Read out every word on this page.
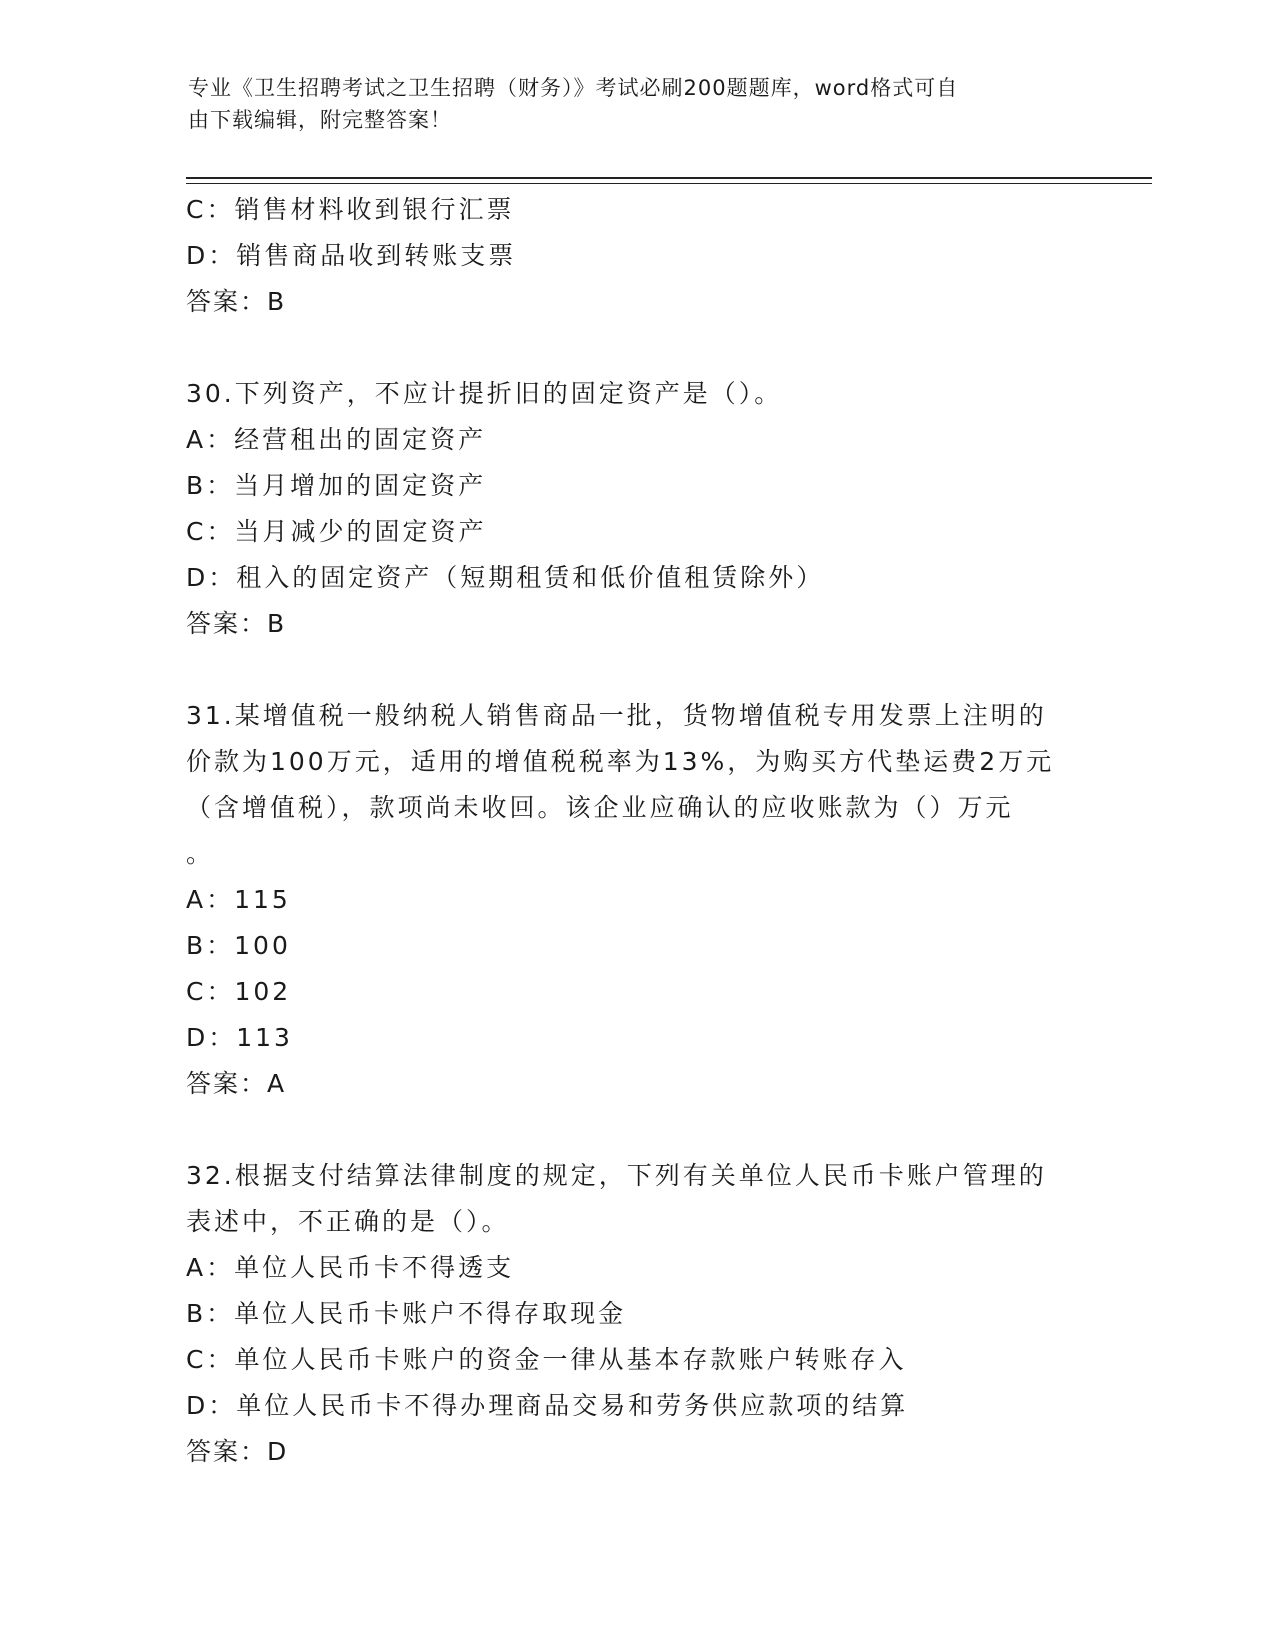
专业《卫生招聘考试之卫生招聘（财务）》考试必刷200题题库，word格式可自
由下载编辑，附完整答案！
C：销售材料收到银行汇票
D：销售商品收到转账支票
答案：B
30.下列资产，不应计提折旧的固定资产是（）。
A：经营租出的固定资产
B：当月增加的固定资产
C：当月减少的固定资产
D：租入的固定资产（短期租赁和低价值租赁除外）
答案：B
31.某增值税一般纳税人销售商品一批，货物增值税专用发票上注明的
价款为100万元，适用的增值税税率为13%，为购买方代垫运费2万元
（含增值税），款项尚未收回。该企业应确认的应收账款为（）万元
。
A：115
B：100
C：102
D：113
答案：A
32.根据支付结算法律制度的规定，下列有关单位人民币卡账户管理的
表述中，不正确的是（）。
A：单位人民币卡不得透支
B：单位人民币卡账户不得存取现金
C：单位人民币卡账户的资金一律从基本存款账户转账存入
D：单位人民币卡不得办理商品交易和劳务供应款项的结算
答案：D
